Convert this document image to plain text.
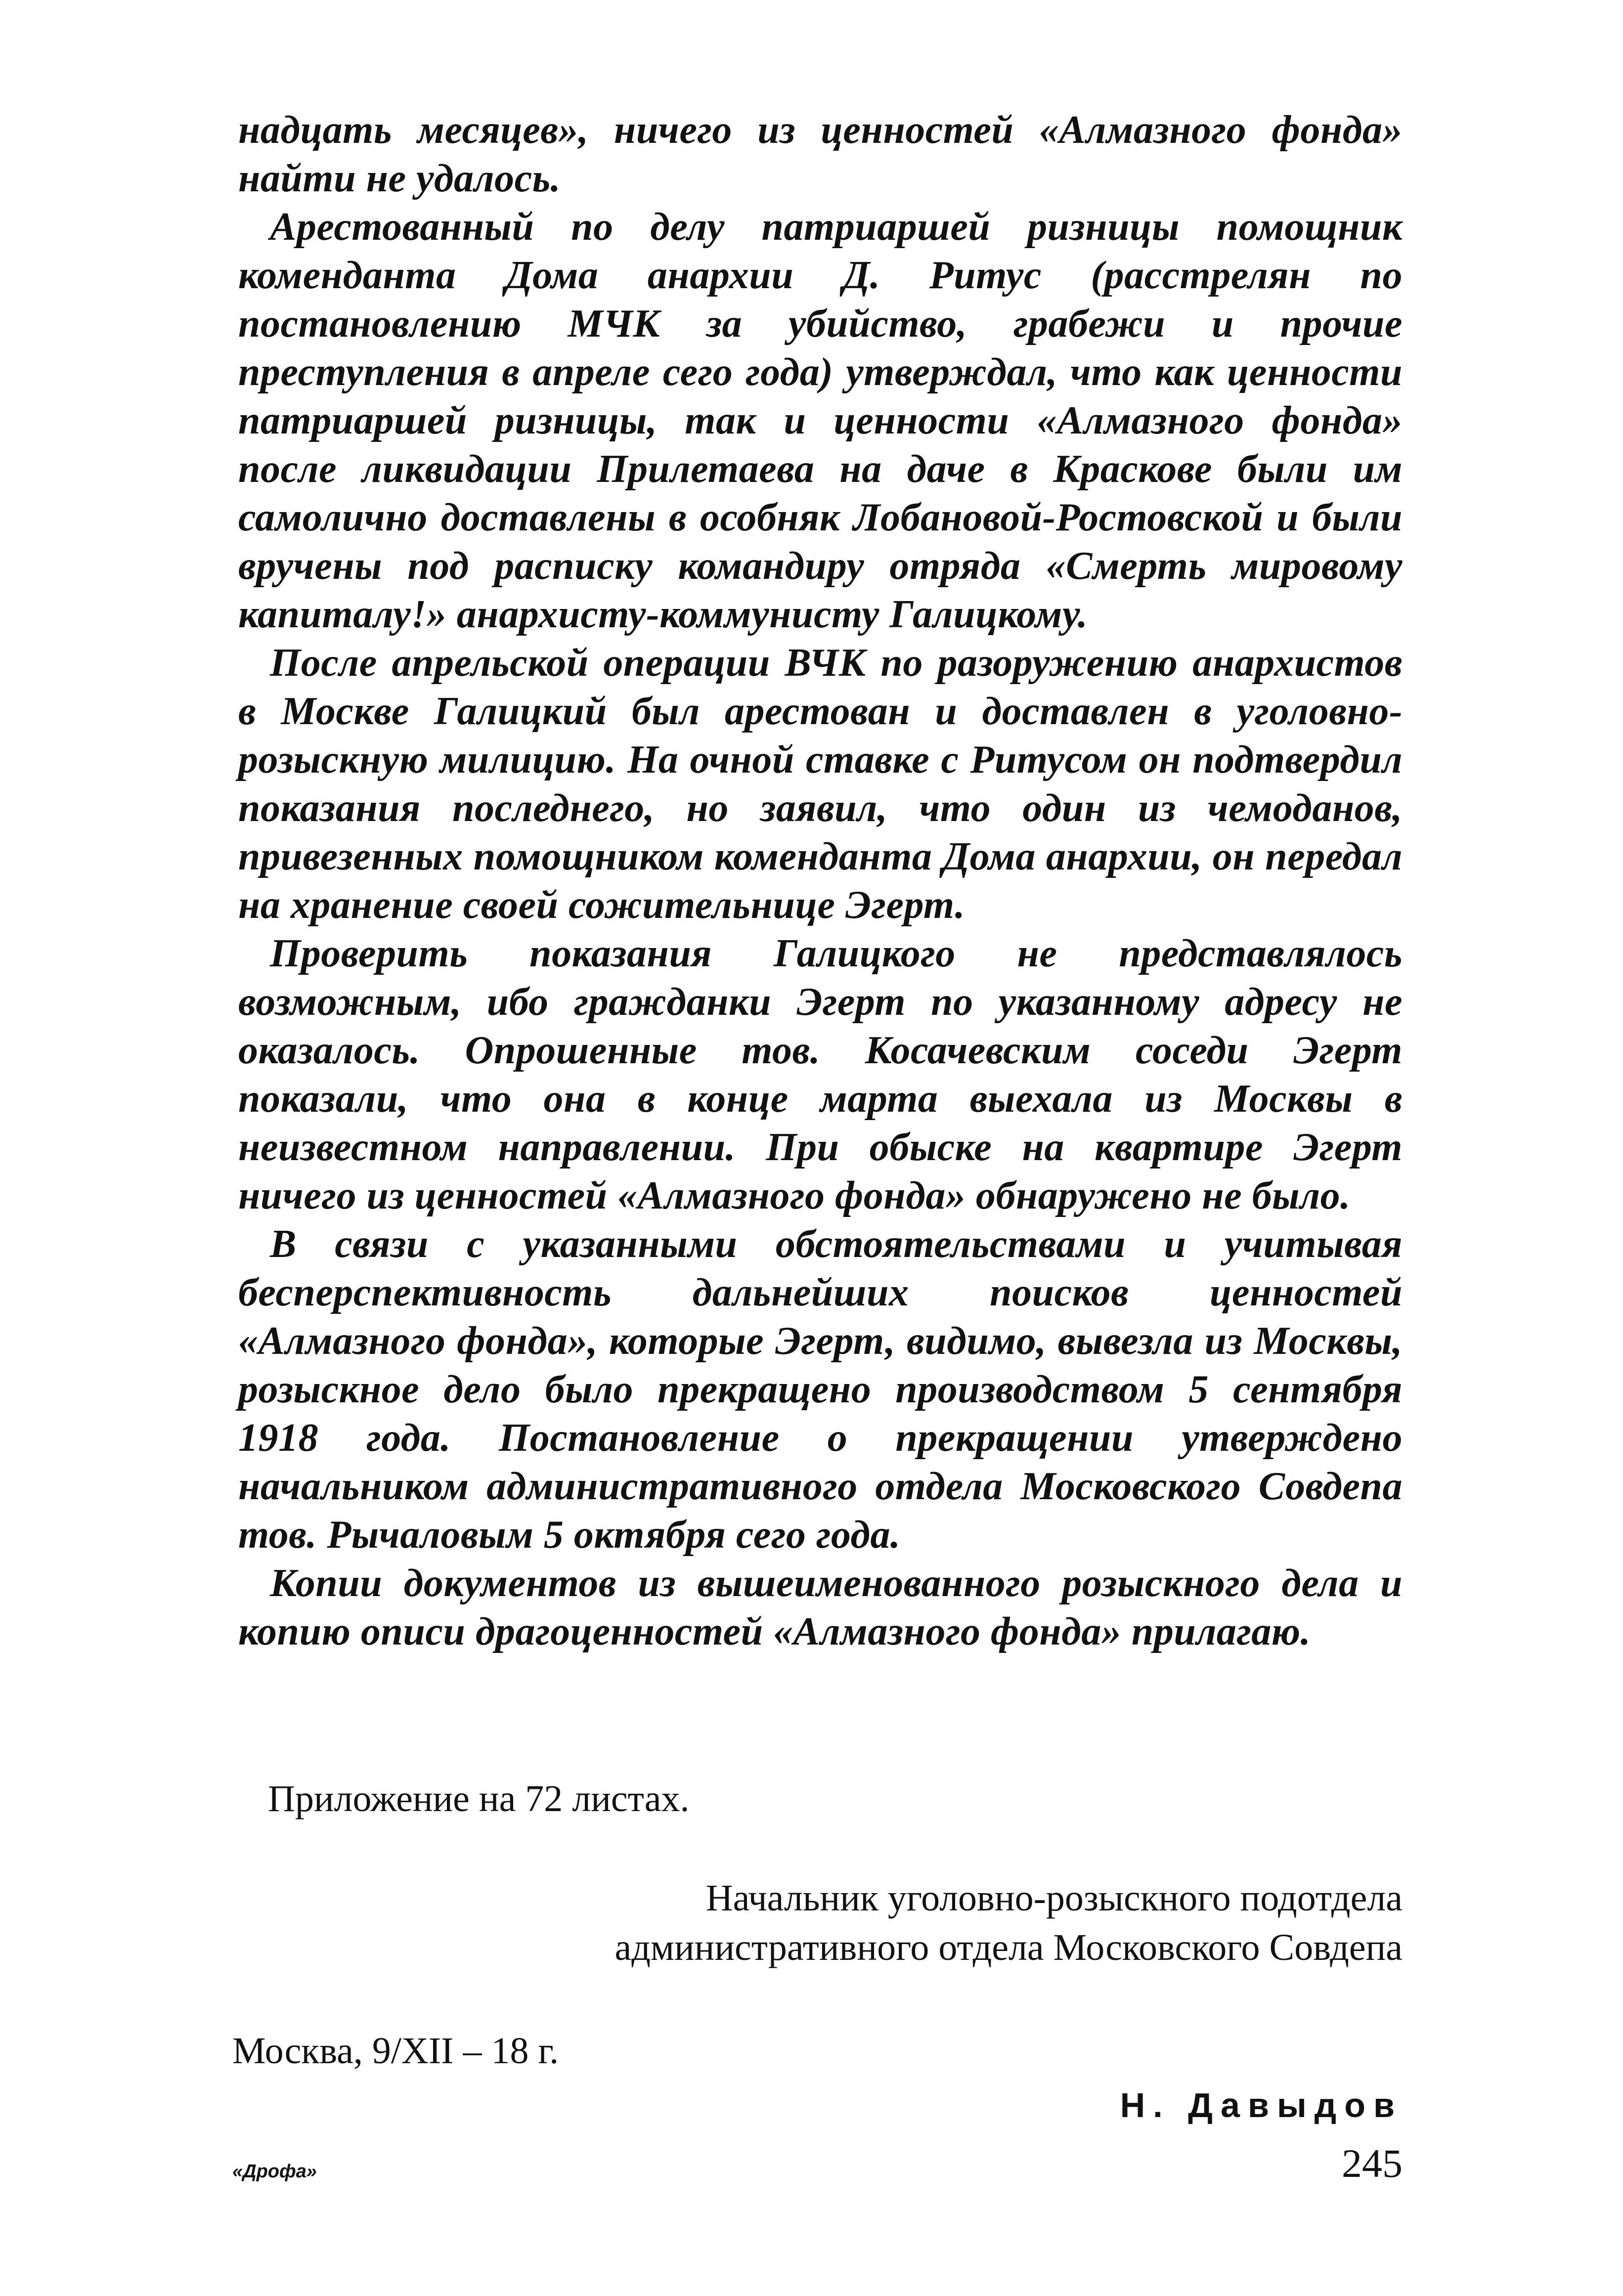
надцать месяцев», ничего из ценностей «Алмазного фонда» найти не удалось.

Арестованный по делу патриаршей ризницы помощник коменданта Дома анархии Д. Ритус (расстрелян по постановлению МЧК за убийство, грабежи и прочие преступления в апреле сего года) утверждал, что как ценности патриаршей ризницы, так и ценности «Алмазного фонда» после ликвидации Прилетаева на даче в Краскове были им самолично доставлены в особняк Лобановой-Ростовской и были вручены под расписку командиру отряда «Смерть мировому капиталу!» анархисту-коммунисту Галицкому.

После апрельской операции ВЧК по разоружению анархистов в Москве Галицкий был арестован и доставлен в уголовно-розыскную милицию. На очной ставке с Ритусом он подтвердил показания последнего, но заявил, что один из чемоданов, привезенных помощником коменданта Дома анархии, он передал на хранение своей сожительнице Эгерт.

Проверить показания Галицкого не представлялось возможным, ибо гражданки Эгерт по указанному адресу не оказалось. Опрошенные тов. Косачевским соседи Эгерт показали, что она в конце марта выехала из Москвы в неизвестном направлении. При обыске на квартире Эгерт ничего из ценностей «Алмазного фонда» обнаружено не было.

В связи с указанными обстоятельствами и учитывая бесперспективность дальнейших поисков ценностей «Алмазного фонда», которые Эгерт, видимо, вывезла из Москвы, розыскное дело было прекращено производством 5 сентября 1918 года. Постановление о прекращении утверждено начальником административного отдела Московского Совдепа тов. Рычаловым 5 октября сего года.

Копии документов из вышеименованного розыскного дела и копию описи драгоценностей «Алмазного фонда» прилагаю.

Приложение на 72 листах.
Начальник уголовно-розыскного подотдела
административного отдела Московского Совдепа
Москва, 9/XII – 18 г.
Н. Давыдов
«Дрофа»	245
